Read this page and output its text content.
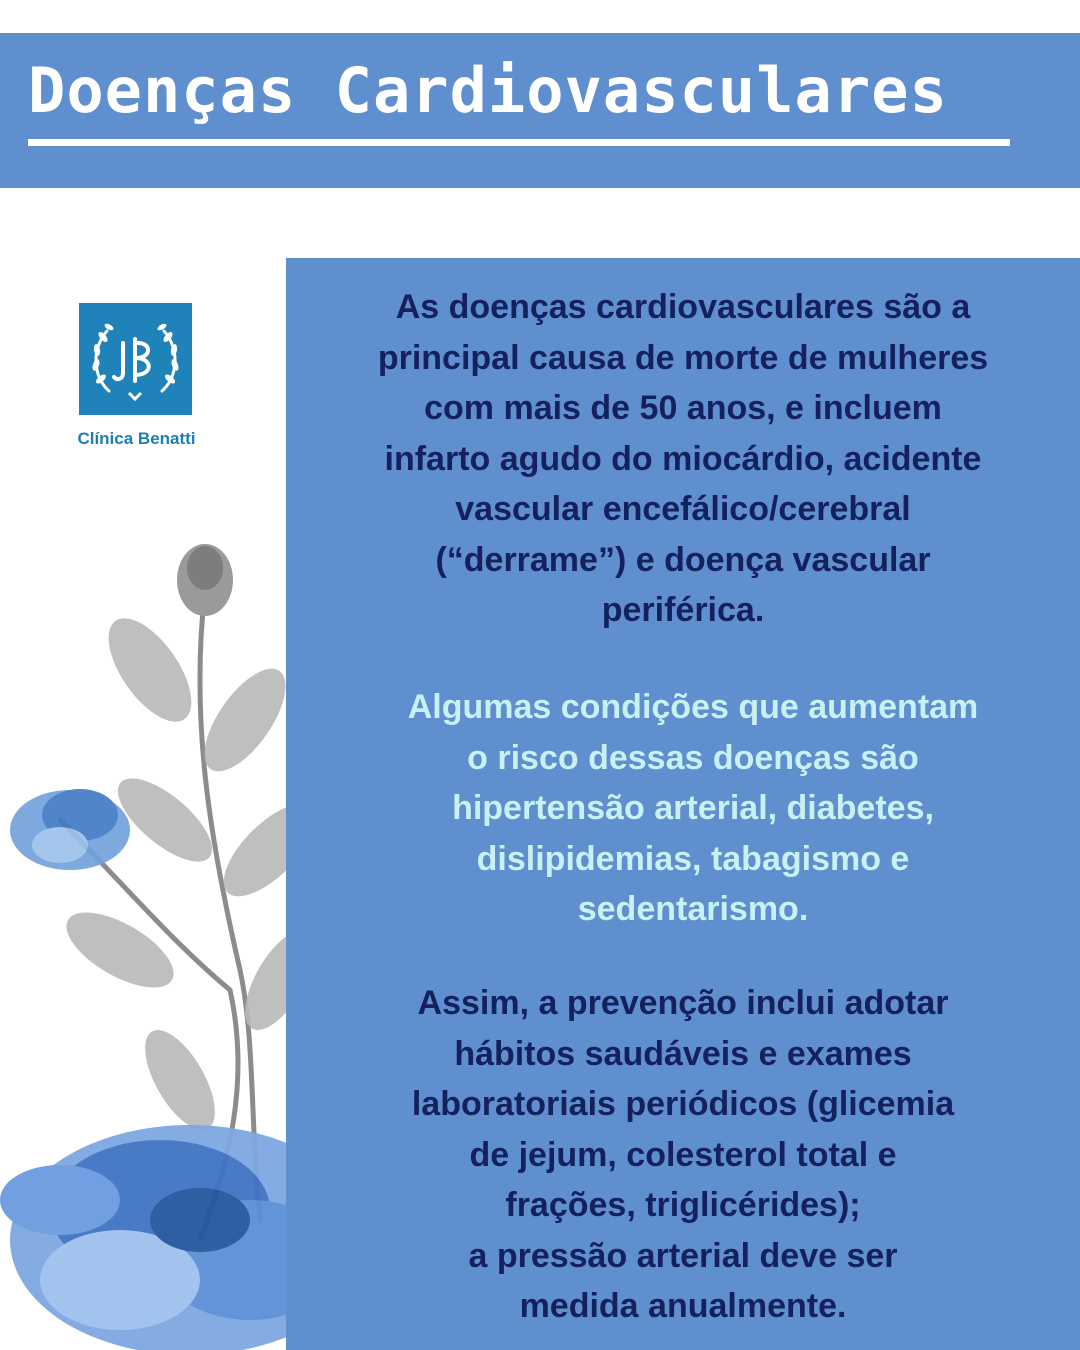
Doenças Cardiovasculares
Clínica Benatti

As doenças cardiovasculares são a
principal causa de morte de mulheres
com mais de 50 anos, e incluem
infarto agudo do miocárdio, acidente
vascular encefálico/cerebral
(“derrame”) e doença vascular
periférica.

Algumas condições que aumentam
o risco dessas doenças são
hipertensão arterial, diabetes,
dislipidemias, tabagismo e
sedentarismo.

Assim, a prevenção inclui adotar
hábitos saudáveis e exames
laboratoriais periódicos (glicemia
de jejum, colesterol total e
frações, triglicérides);
a pressão arterial deve ser
medida anualmente.
